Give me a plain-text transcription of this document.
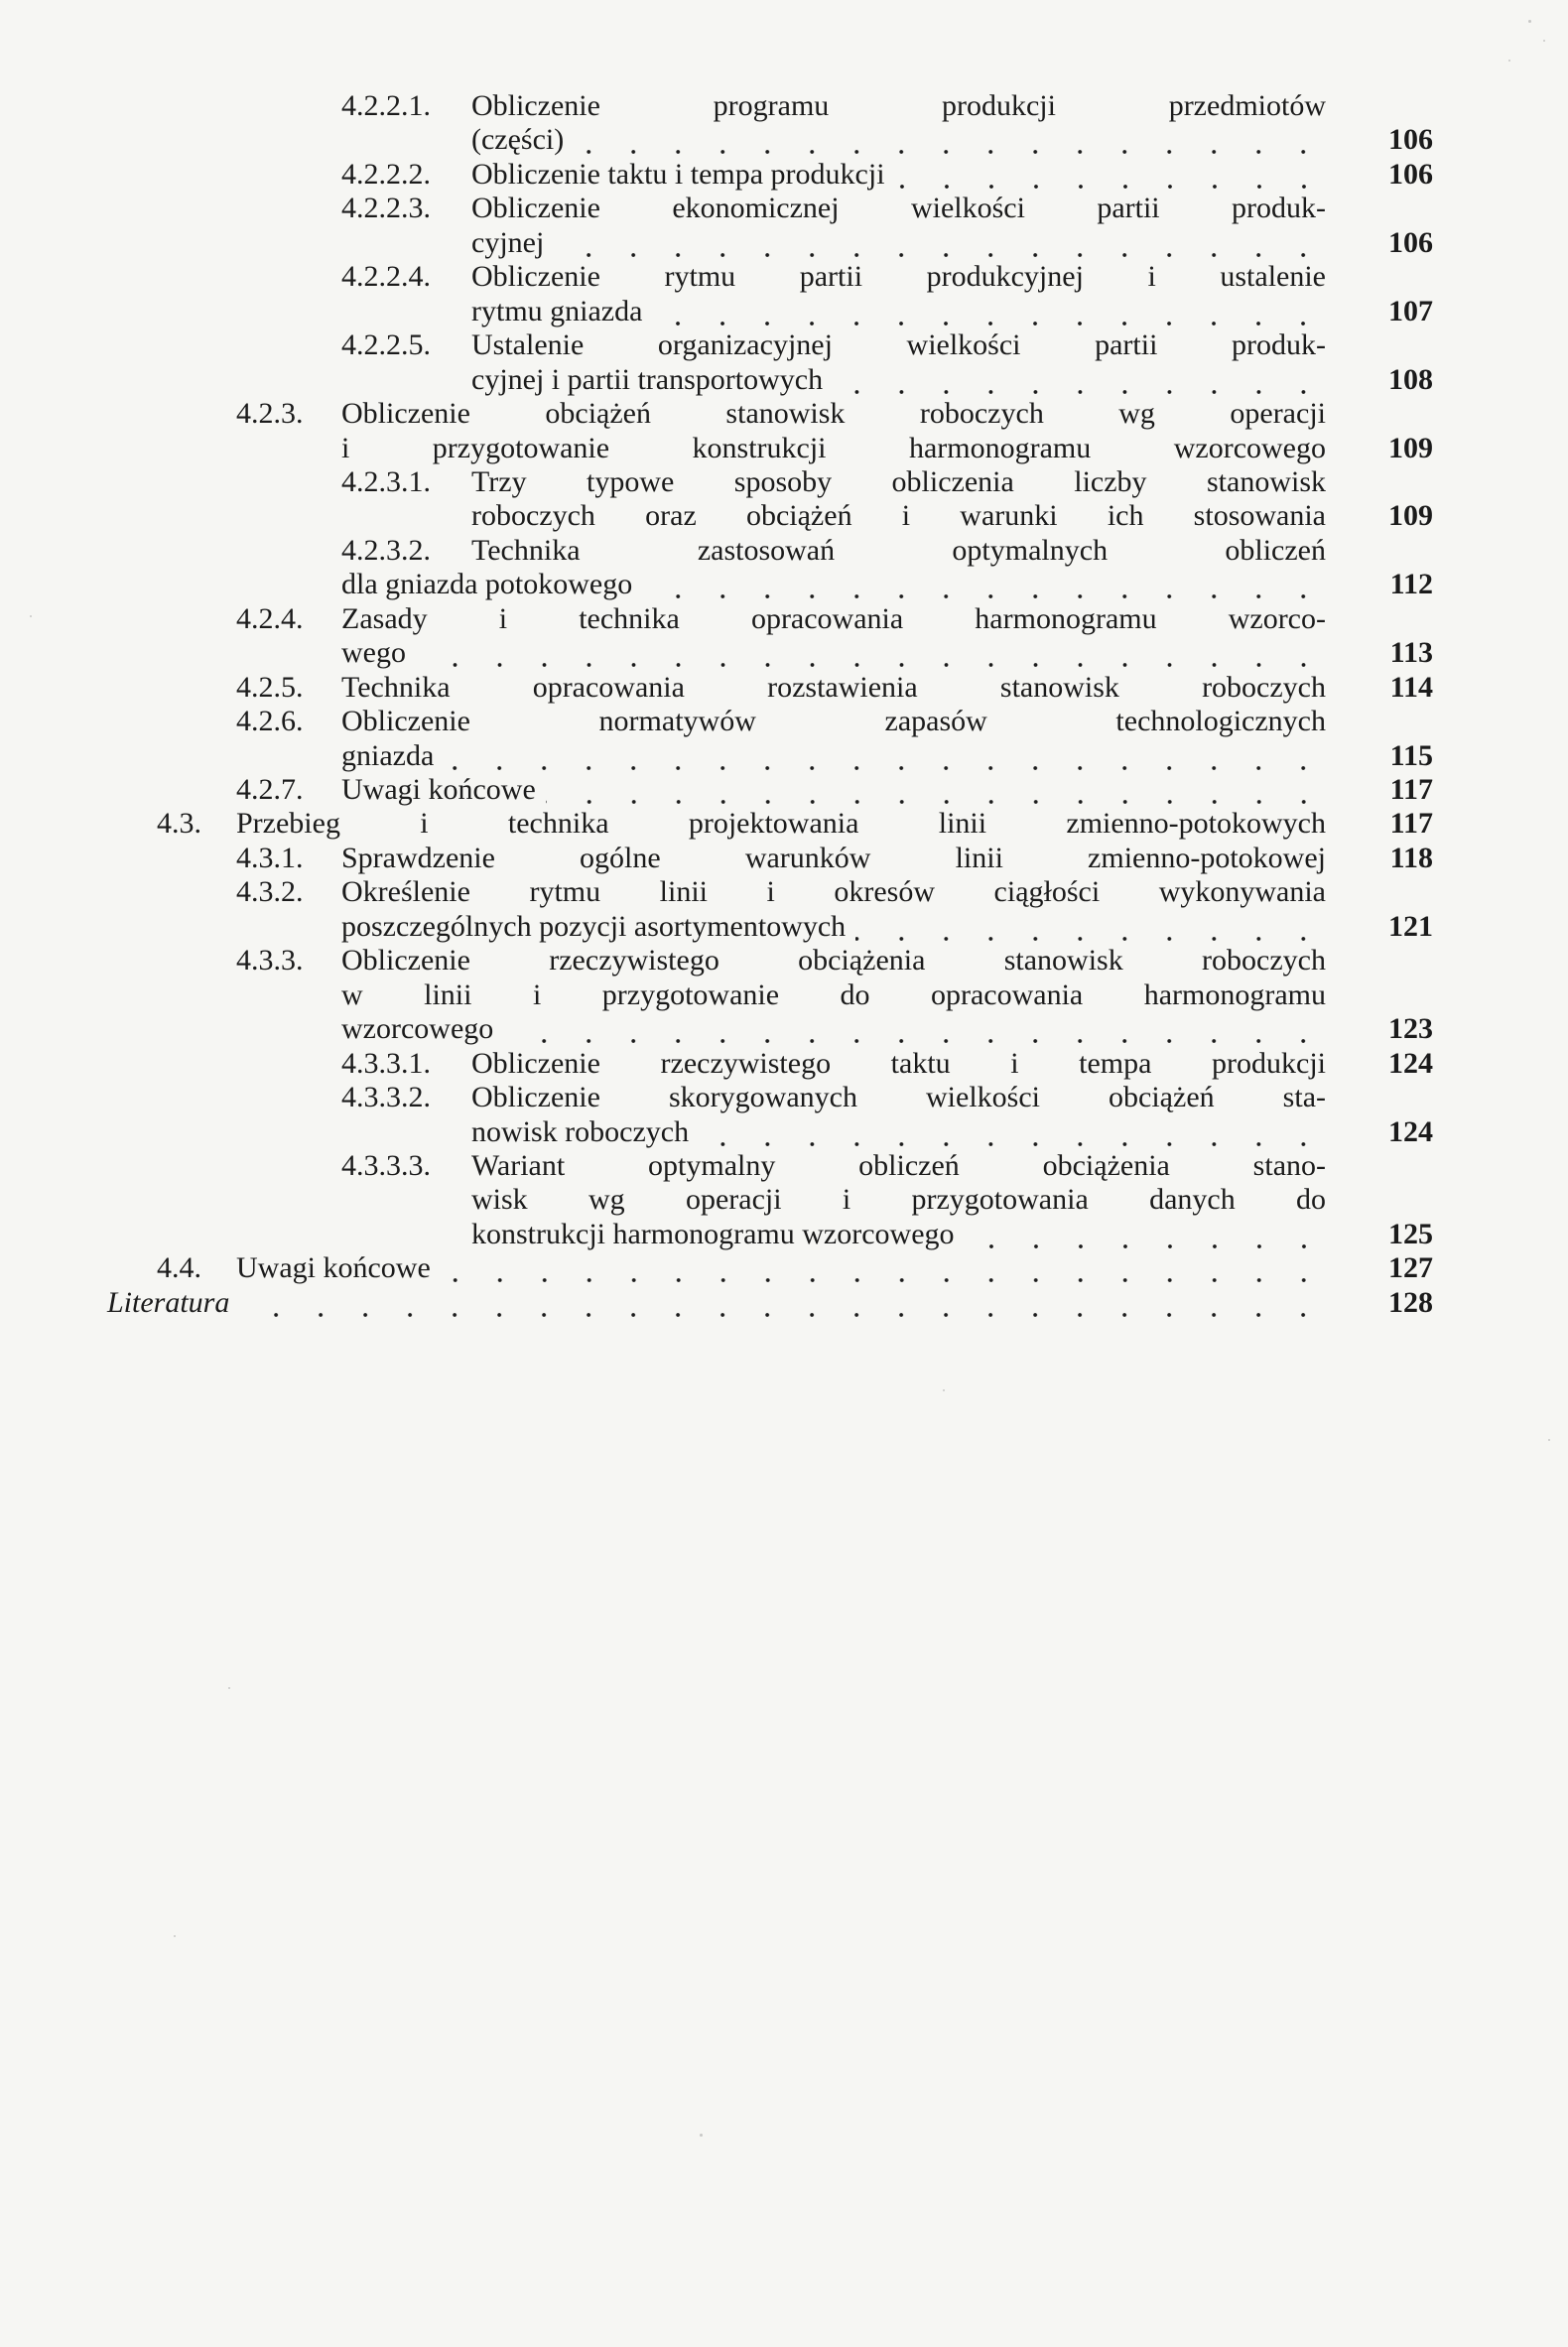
4.2.2.1. Obliczenie programu produkcji przedmiotów
(części)	106
4.2.2.2. Obliczenie taktu i tempa produkcji	106
4.2.2.3. Obliczenie ekonomicznej wielkości partii produk-
cyjnej	106
4.2.2.4. Obliczenie rytmu partii produkcyjnej i ustalenie
rytmu gniazda	107
4.2.2.5. Ustalenie organizacyjnej wielkości partii produk-
cyjnej i partii transportowych	108
4.2.3. Obliczenie obciążeń stanowisk roboczych wg operacji
i przygotowanie konstrukcji harmonogramu wzorcowego	109
4.2.3.1. Trzy typowe sposoby obliczenia liczby stanowisk
roboczych oraz obciążeń i warunki ich stosowania	109
4.2.3.2. Technika zastosowań optymalnych obliczeń
dla gniazda potokowego	112
4.2.4. Zasady i technika opracowania harmonogramu wzorco-
wego	113
4.2.5. Technika opracowania rozstawienia stanowisk roboczych	114
4.2.6. Obliczenie normatywów zapasów technologicznych
gniazda	115
4.2.7. Uwagi końcowe	117
4.3. Przebieg i technika projektowania linii zmienno-potokowych	117
4.3.1. Sprawdzenie ogólne warunków linii zmienno-potokowej	118
4.3.2. Określenie rytmu linii i okresów ciągłości wykonywania
poszczególnych pozycji asortymentowych	121
4.3.3. Obliczenie rzeczywistego obciążenia stanowisk roboczych
w linii i przygotowanie do opracowania harmonogramu
wzorcowego	123
4.3.3.1. Obliczenie rzeczywistego taktu i tempa produkcji	124
4.3.3.2. Obliczenie skorygowanych wielkości obciążeń sta-
nowisk roboczych	124
4.3.3.3. Wariant optymalny obliczeń obciążenia stano-
wisk wg operacji i przygotowania danych do
konstrukcji harmonogramu wzorcowego	125
4.4. Uwagi końcowe	127
Literatura	128
